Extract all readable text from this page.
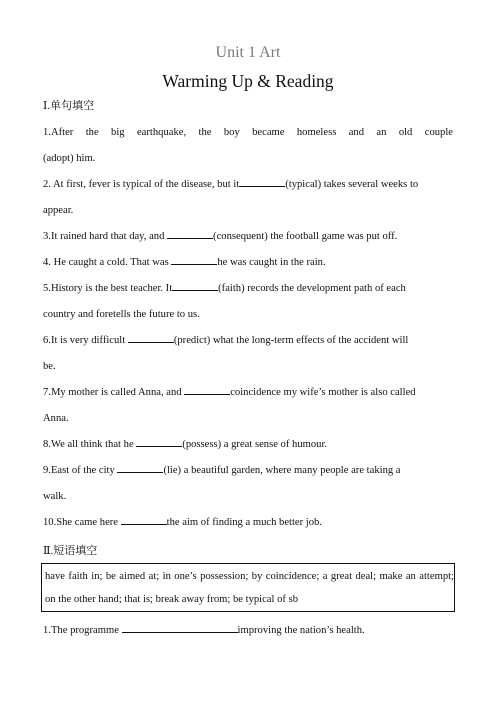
Unit 1 Art
Warming Up & Reading
Ⅰ.单句填空
1.After the big earthquake, the boy became homeless and an old couple
(adopt) him.
2. At first, fever is typical of the disease, but it	(typical) takes several weeks to
appear.
3.It rained hard that day, and	(consequent) the football game was put off.
4. He caught a cold. That was	he was caught in the rain.
5.History is the best teacher. It	(faith) records the development path of each
country and foretells the future to us.
6.It is very difficult	(predict) what the long-term effects of the accident will
be.
7.My mother is called Anna, and	coincidence my wife’s mother is also called
Anna.
8.We all think that he	(possess) a great sense of humour.
9.East of the city	(lie) a beautiful garden, where many people are taking a
walk.
10.She came here	the aim of finding a much better job.
Ⅱ.短语填空
have faith in; be aimed at; in one’s possession; by coincidence; a great deal; make an attempt; on the other hand; that is; break away from; be typical of sb
1.The programme	improving the nation’s health.
